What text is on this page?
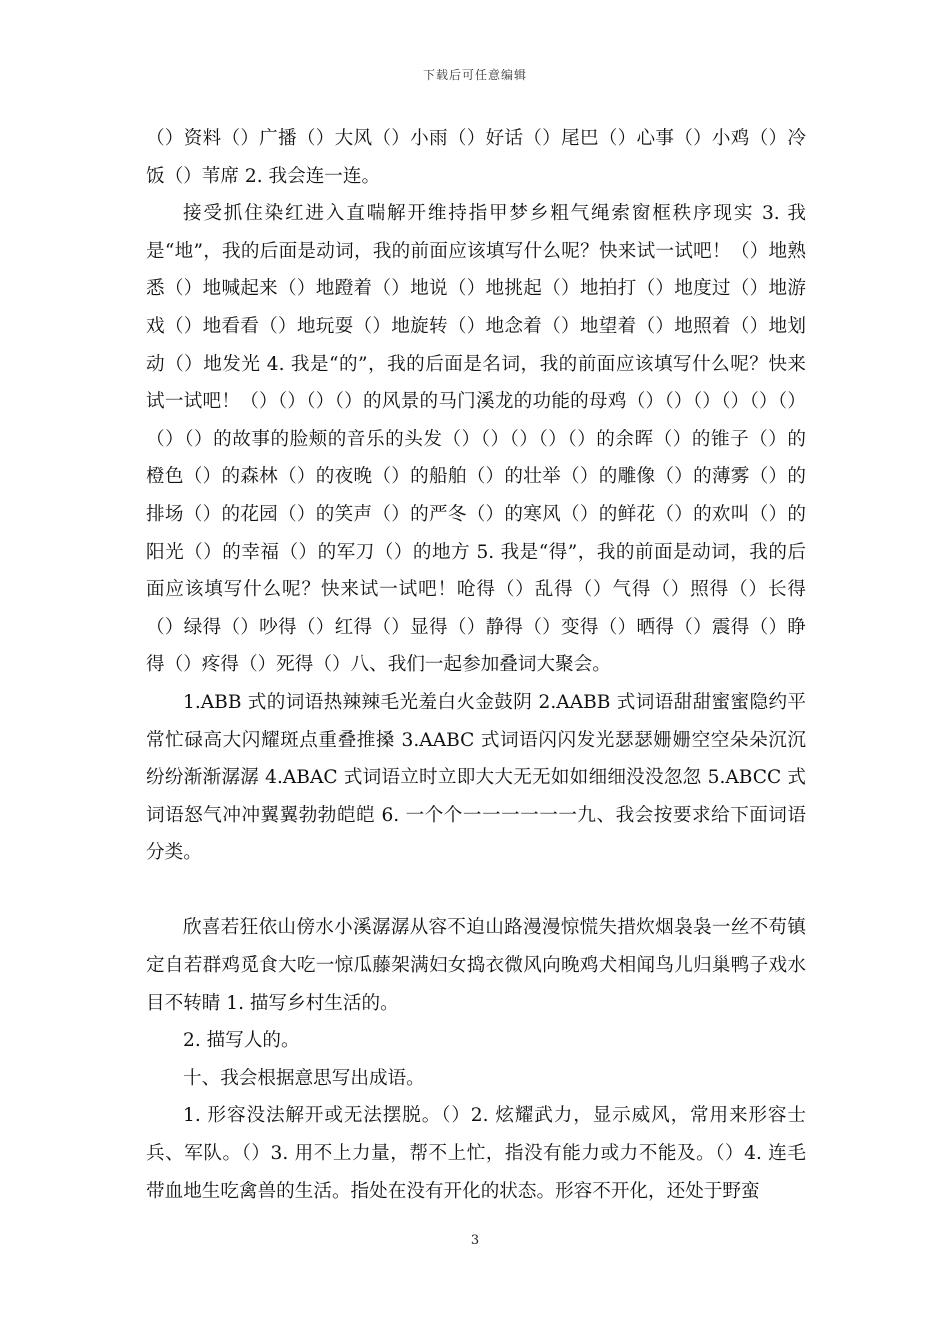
下载后可任意编辑

（）资料（）广播（）大风（）小雨（）好话（）尾巴（）心事（）小鸡（）冷饭（）苇席 2. 我会连一连。

接受抓住染红进入直喘解开维持指甲梦乡粗气绳索窗框秩序现实 3. 我是“地”，我的后面是动词，我的前面应该填写什么呢？快来试一试吧！（）地熟悉（）地喊起来（）地蹬着（）地说（）地挑起（）地拍打（）地度过（）地游戏（）地看看（）地玩耍（）地旋转（）地念着（）地望着（）地照着（）地划动（）地发光 4. 我是“的”，我的后面是名词，我的前面应该填写什么呢？快来试一试吧！（）（）（）（）的风景的马门溪龙的功能的母鸡（）（）（）（）（）（）（）（）的故事的脸颊的音乐的头发（）（）（）（）（）的余晖（）的锥子（）的橙色（）的森林（）的夜晚（）的船舶（）的壮举（）的雕像（）的薄雾（）的排场（）的花园（）的笑声（）的严冬（）的寒风（）的鲜花（）的欢叫（）的阳光（）的幸福（）的军刀（）的地方 5. 我是“得”，我的前面是动词，我的后面应该填写什么呢？快来试一试吧！呛得（）乱得（）气得（）照得（）长得（）绿得（）吵得（）红得（）显得（）静得（）变得（）晒得（）震得（）睁得（）疼得（）死得（）八、我们一起参加叠词大聚会。

1.ABB 式的词语热辣辣毛光羞白火金鼓阴 2.AABB 式词语甜甜蜜蜜隐约平常忙碌高大闪耀斑点重叠推搡 3.AABC 式词语闪闪发光瑟瑟姗姗空空朵朵沉沉纷纷渐渐潺潺 4.ABAC 式词语立时立即大大无无如如细细没没忽忽 5.ABCC 式词语怒气冲冲翼翼勃勃皑皑 6. 一个个一一一一一一九、我会按要求给下面词语分类。

欣喜若狂依山傍水小溪潺潺从容不迫山路漫漫惊慌失措炊烟袅袅一丝不苟镇定自若群鸡觅食大吃一惊瓜藤架满妇女捣衣微风向晚鸡犬相闻鸟儿归巢鸭子戏水目不转睛 1. 描写乡村生活的。

2. 描写人的。

十、我会根据意思写出成语。

1. 形容没法解开或无法摆脱。（）2. 炫耀武力，显示威风，常用来形容士兵、军队。（）3. 用不上力量，帮不上忙，指没有能力或力不能及。（）4. 连毛带血地生吃禽兽的生活。指处在没有开化的状态。形容不开化，还处于野蛮

3
